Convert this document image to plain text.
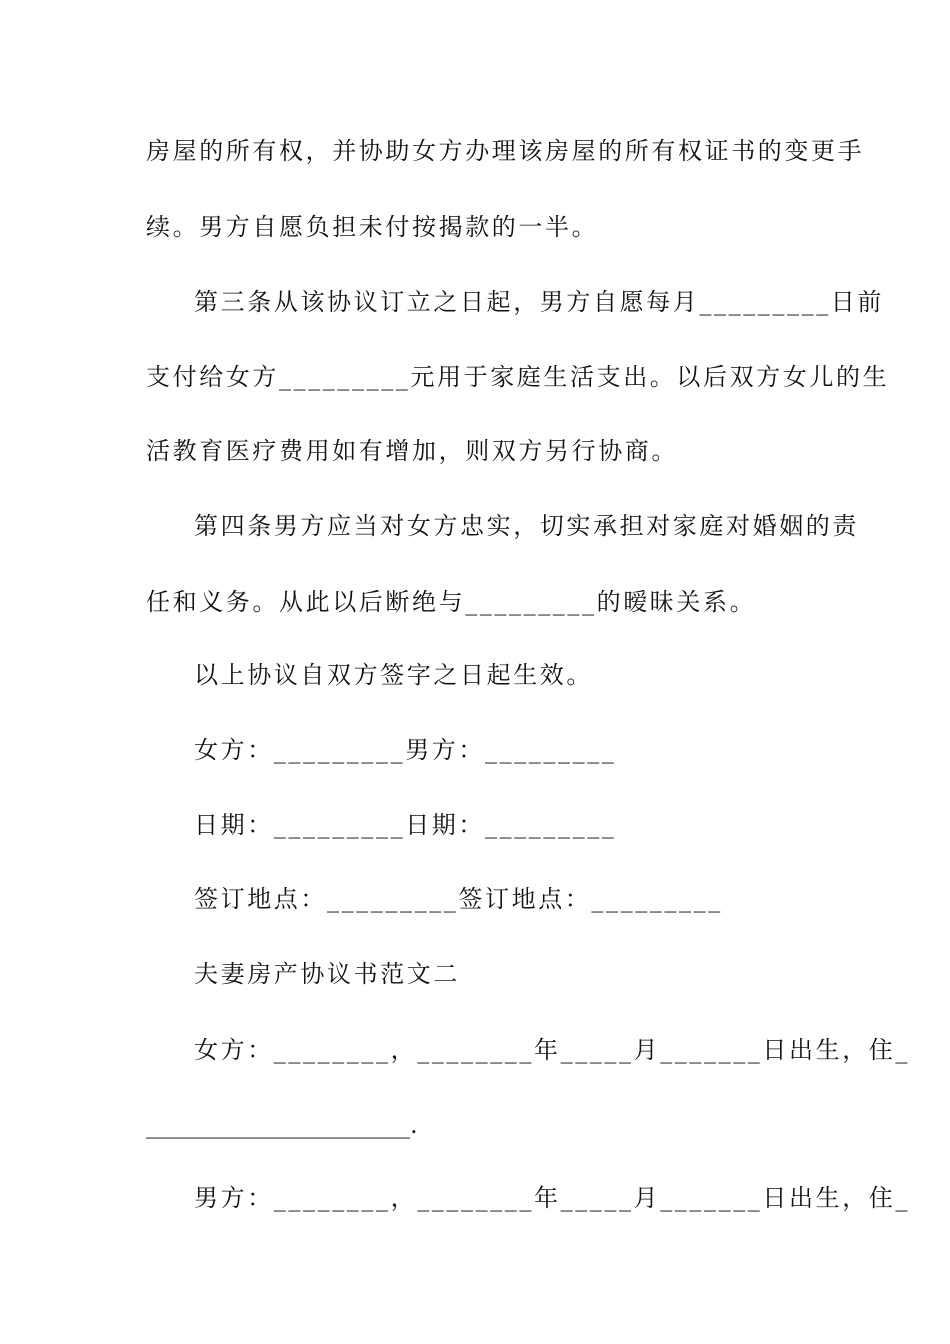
房屋的所有权，并协助女方办理该房屋的所有权证书的变更手
续。男方自愿负担未付按揭款的一半。
第三条从该协议订立之日起，男方自愿每月_________日前
支付给女方_________元用于家庭生活支出。以后双方女儿的生
活教育医疗费用如有增加，则双方另行协商。
第四条男方应当对女方忠实，切实承担对家庭对婚姻的责
任和义务。从此以后断绝与_________的暧昧关系。
以上协议自双方签字之日起生效。
女方：_________男方：_________
日期：_________日期：_________
签订地点：_________签订地点：_________
夫妻房产协议书范文二
女方：________，________年_____月_______日出生，住_
______________________.
男方：________，________年_____月_______日出生，住_
